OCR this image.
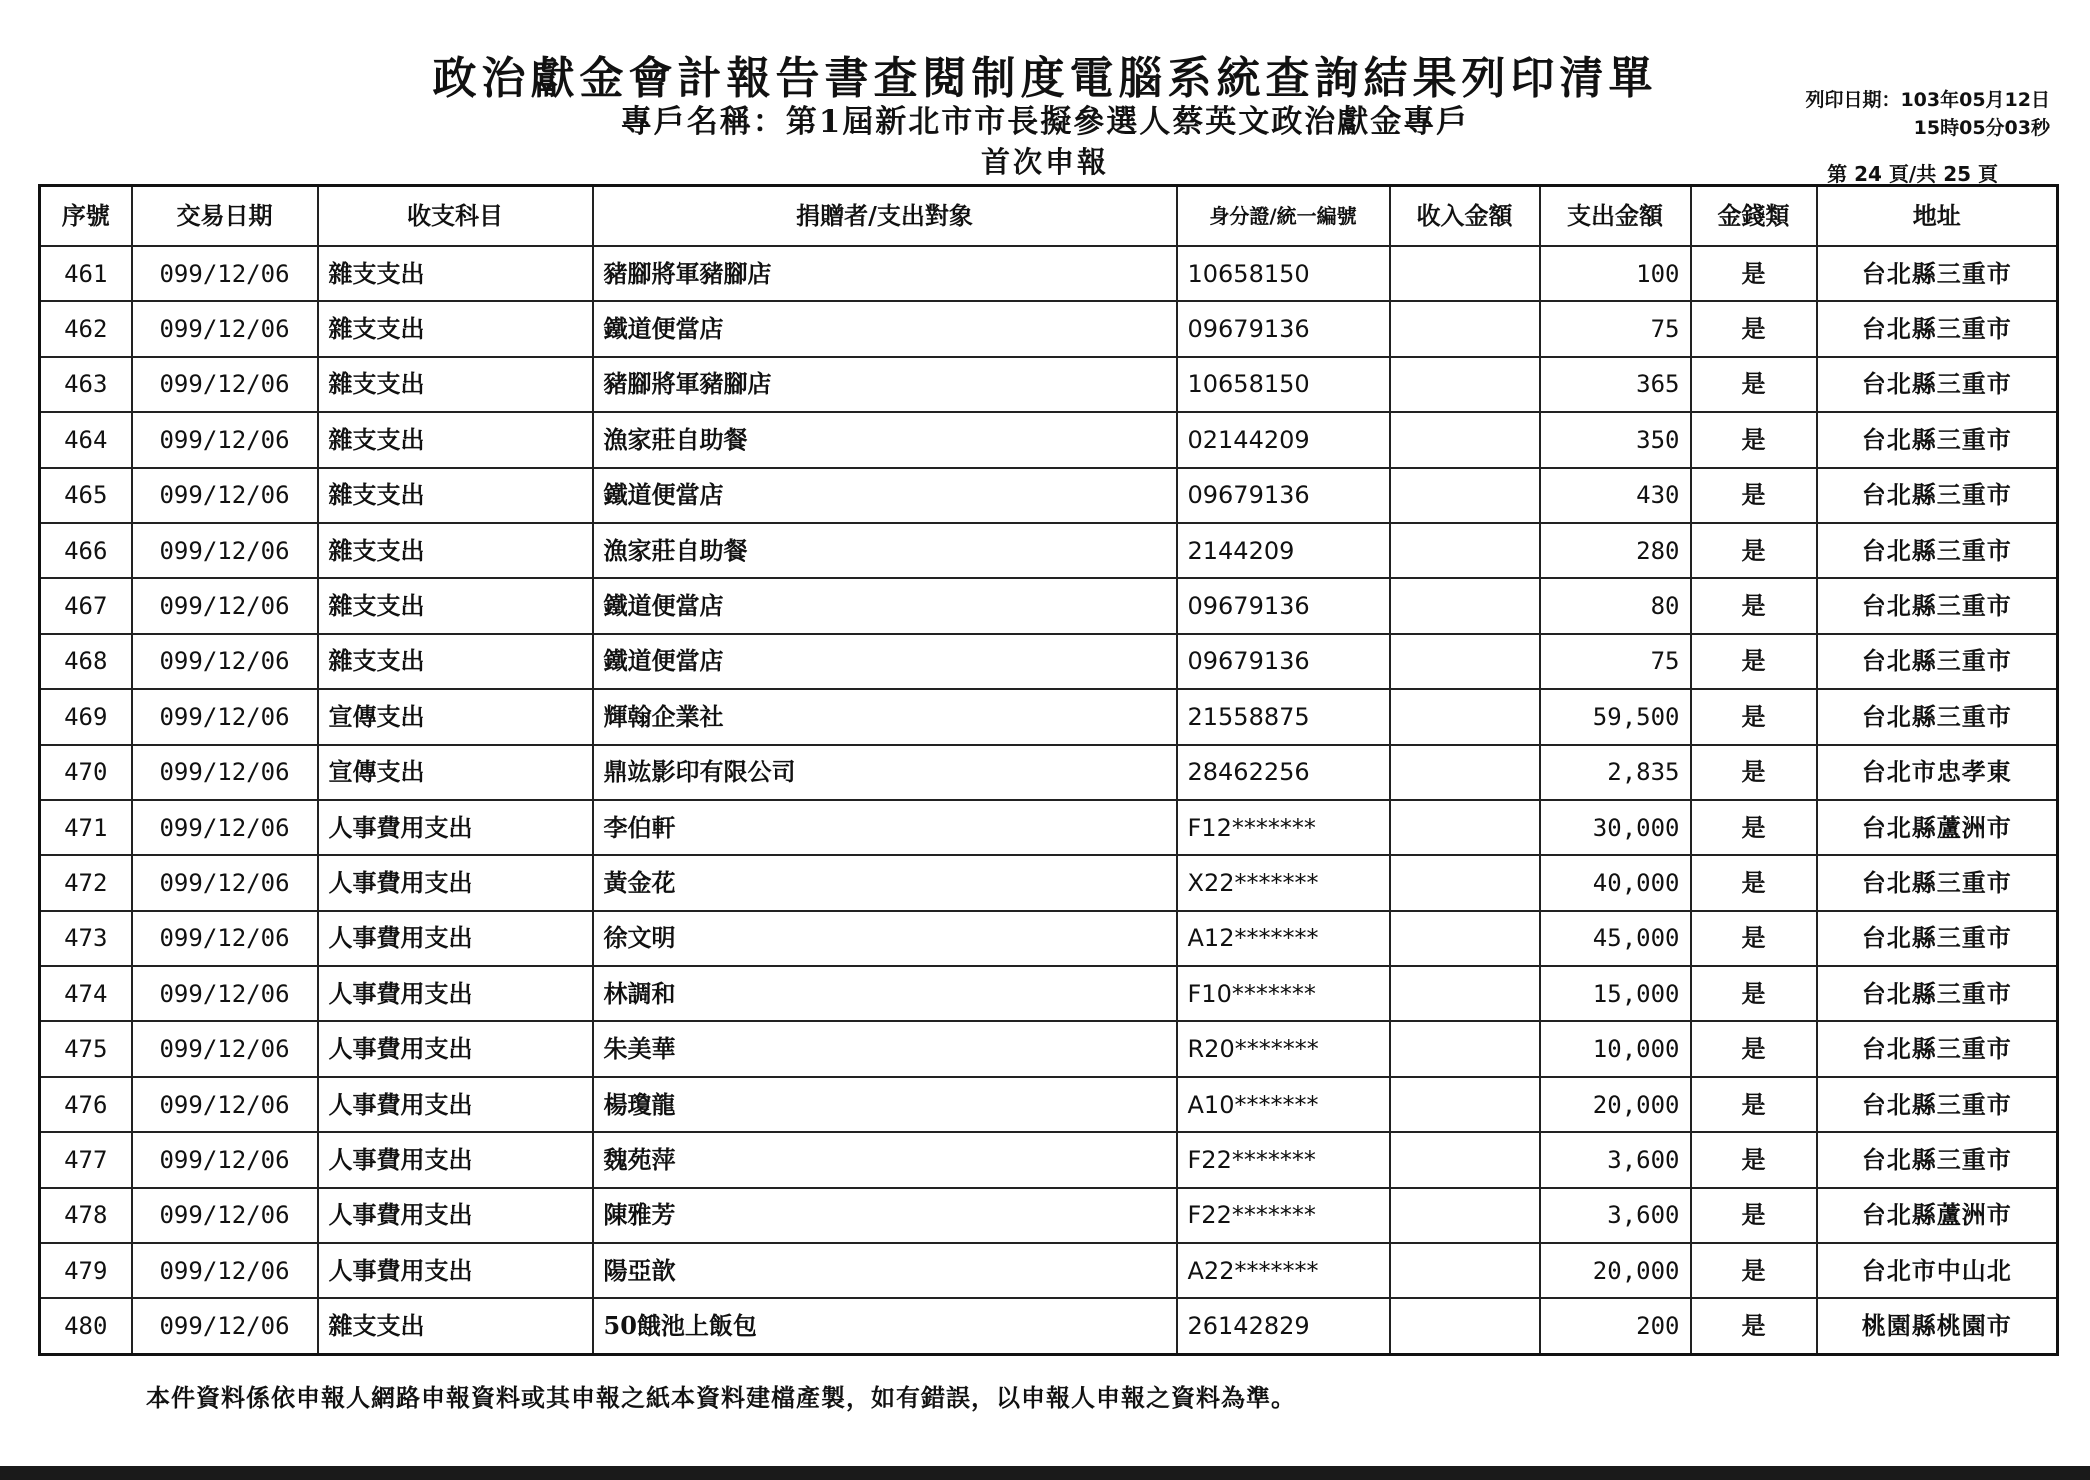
政治獻金會計報告書查閱制度電腦系統查詢結果列印清單
專戶名稱：第1屆新北市市長擬參選人蔡英文政治獻金專戶
首次申報
列印日期：103年05月12日
15時05分03秒
第 24 頁/共 25 頁
序號	交易日期	收支科目	捐贈者/支出對象	身分證/統一編號	收入金額	支出金額	金錢類	地址
461	099/12/06	雜支支出	豬腳將軍豬腳店	10658150		100	是	台北縣三重市
462	099/12/06	雜支支出	鐵道便當店	09679136		75	是	台北縣三重市
463	099/12/06	雜支支出	豬腳將軍豬腳店	10658150		365	是	台北縣三重市
464	099/12/06	雜支支出	漁家莊自助餐	02144209		350	是	台北縣三重市
465	099/12/06	雜支支出	鐵道便當店	09679136		430	是	台北縣三重市
466	099/12/06	雜支支出	漁家莊自助餐	2144209		280	是	台北縣三重市
467	099/12/06	雜支支出	鐵道便當店	09679136		80	是	台北縣三重市
468	099/12/06	雜支支出	鐵道便當店	09679136		75	是	台北縣三重市
469	099/12/06	宣傳支出	輝翰企業社	21558875		59,500	是	台北縣三重市
470	099/12/06	宣傳支出	鼎竑影印有限公司	28462256		2,835	是	台北市忠孝東
471	099/12/06	人事費用支出	李伯軒	F12*******		30,000	是	台北縣蘆洲市
472	099/12/06	人事費用支出	黃金花	X22*******		40,000	是	台北縣三重市
473	099/12/06	人事費用支出	徐文明	A12*******		45,000	是	台北縣三重市
474	099/12/06	人事費用支出	林調和	F10*******		15,000	是	台北縣三重市
475	099/12/06	人事費用支出	朱美華	R20*******		10,000	是	台北縣三重市
476	099/12/06	人事費用支出	楊瓊龍	A10*******		20,000	是	台北縣三重市
477	099/12/06	人事費用支出	魏苑萍	F22*******		3,600	是	台北縣三重市
478	099/12/06	人事費用支出	陳雅芳	F22*******		3,600	是	台北縣蘆洲市
479	099/12/06	人事費用支出	陽亞歆	A22*******		20,000	是	台北市中山北
480	099/12/06	雜支支出	50餓池上飯包	26142829		200	是	桃園縣桃園市
本件資料係依申報人網路申報資料或其申報之紙本資料建檔產製，如有錯誤，以申報人申報之資料為準。
